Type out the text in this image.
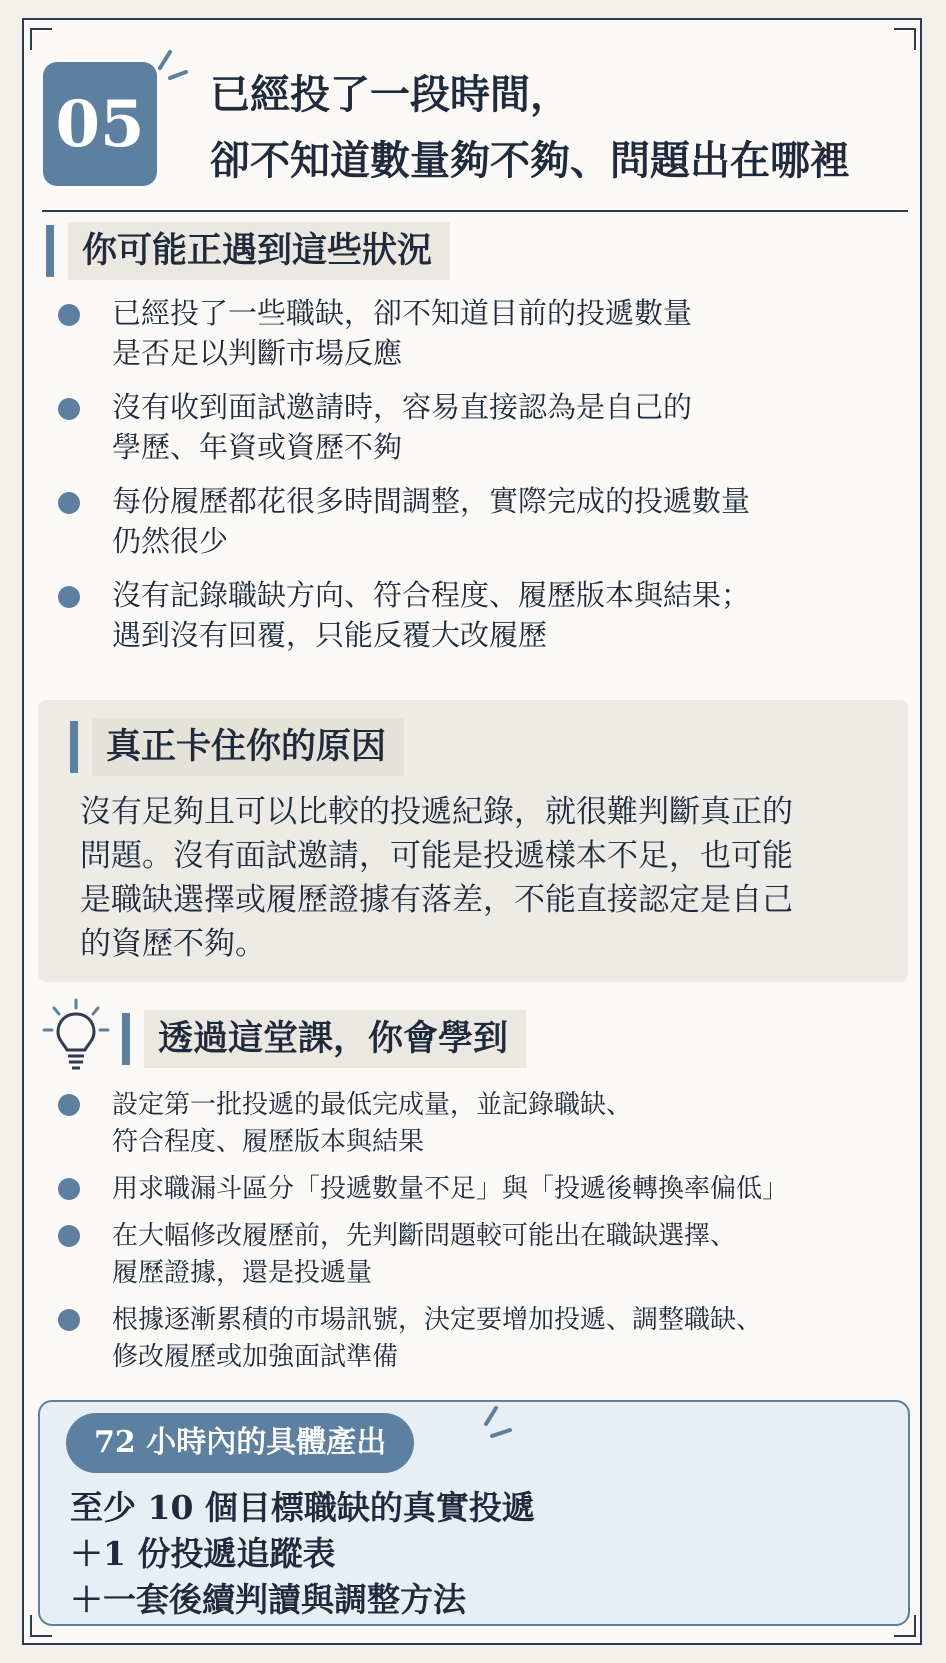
05	已經投了一段時間，
卻不知道數量夠不夠、問題出在哪裡
你可能正遇到這些狀況
已經投了一些職缺，卻不知道目前的投遞數量
是否足以判斷市場反應
沒有收到面試邀請時，容易直接認為是自己的
學歷、年資或資歷不夠
每份履歷都花很多時間調整，實際完成的投遞數量
仍然很少
沒有記錄職缺方向、符合程度、履歷版本與結果；
遇到沒有回覆，只能反覆大改履歷
真正卡住你的原因
沒有足夠且可以比較的投遞紀錄，就很難判斷真正的
問題。沒有面試邀請，可能是投遞樣本不足，也可能
是職缺選擇或履歷證據有落差，不能直接認定是自己
的資歷不夠。
透過這堂課，你會學到
設定第一批投遞的最低完成量，並記錄職缺、
符合程度、履歷版本與結果
用求職漏斗區分「投遞數量不足」與「投遞後轉換率偏低」
在大幅修改履歷前，先判斷問題較可能出在職缺選擇、
履歷證據，還是投遞量
根據逐漸累積的市場訊號，決定要增加投遞、調整職缺、
修改履歷或加強面試準備
72 小時內的具體產出
至少 10 個目標職缺的真實投遞
＋1 份投遞追蹤表
＋一套後續判讀與調整方法
